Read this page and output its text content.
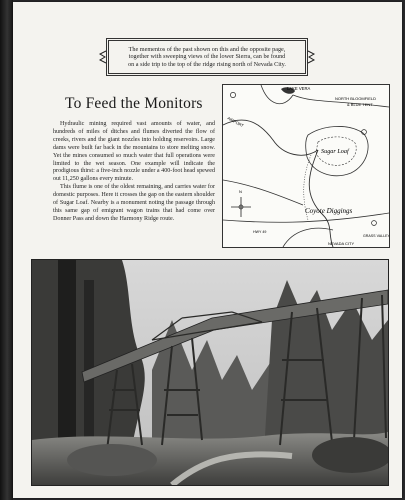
The mementos of the past shown on this and the opposite page,
together with sweeping views of the lower Sierra, can be found
on a side trip to the top of the ridge rising north of Nevada City.
To Feed the Monitors

Hydraulic mining required vast amounts of water, and hundreds of miles of ditches and flumes diverted the flow of creeks, rivers and the giant nozzles into holding reservoirs. Large dams were built far back in the mountains to store melting snow. Yet the mines consumed so much water that full operations were limited to the wet season. One example will indicate the prodigious thirst: a five-inch nozzle under a 400-foot head spewed out 11,250 gallons every minute.

This flume is one of the oldest remaining, and carries water for domestic purposes. Here it crosses the gap on the eastern shoulder of Sugar Loaf. Nearby is a monument noting the passage through this same gap of emigrant wagon trains that had come over Donner Pass and down the Harmony Ridge route.

LAKE VERA
NORTH BLOOMFIELD
& BLUE TENT
AIRPORT
Sugar Loaf
Coyote Diggings
NEVADA CITY
HWY 49
GRASS VALLEY
N
